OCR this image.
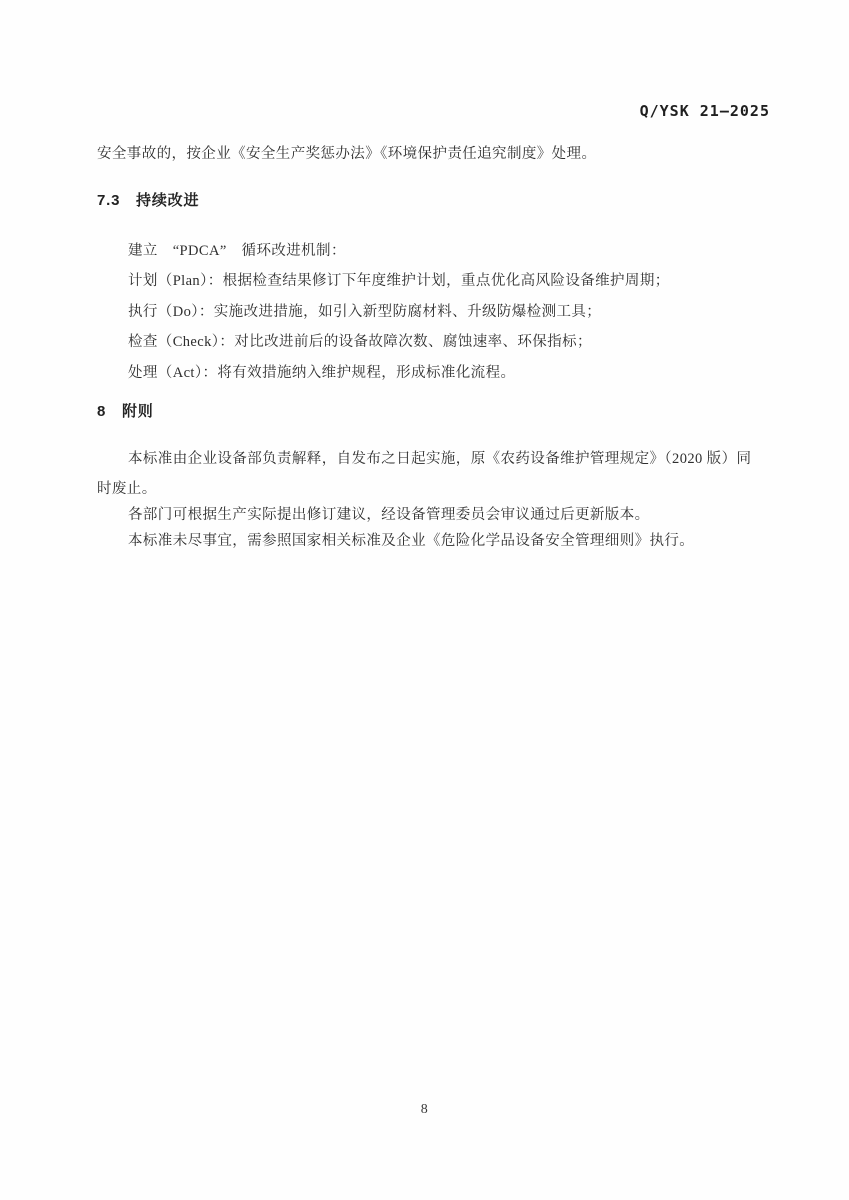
Q/YSK 21—2025
安全事故的，按企业《安全生产奖惩办法》《环境保护责任追究制度》处理。
7.3　持续改进
建立　“PDCA”　循环改进机制：
计划（Plan）：根据检查结果修订下年度维护计划，重点优化高风险设备维护周期；
执行（Do）：实施改进措施，如引入新型防腐材料、升级防爆检测工具；
检查（Check）：对比改进前后的设备故障次数、腐蚀速率、环保指标；
处理（Act）：将有效措施纳入维护规程，形成标准化流程。
8　附则
本标准由企业设备部负责解释，自发布之日起实施，原《农药设备维护管理规定》（2020 版）同时废止。
各部门可根据生产实际提出修订建议，经设备管理委员会审议通过后更新版本。
本标准未尽事宜，需参照国家相关标准及企业《危险化学品设备安全管理细则》执行。
8
